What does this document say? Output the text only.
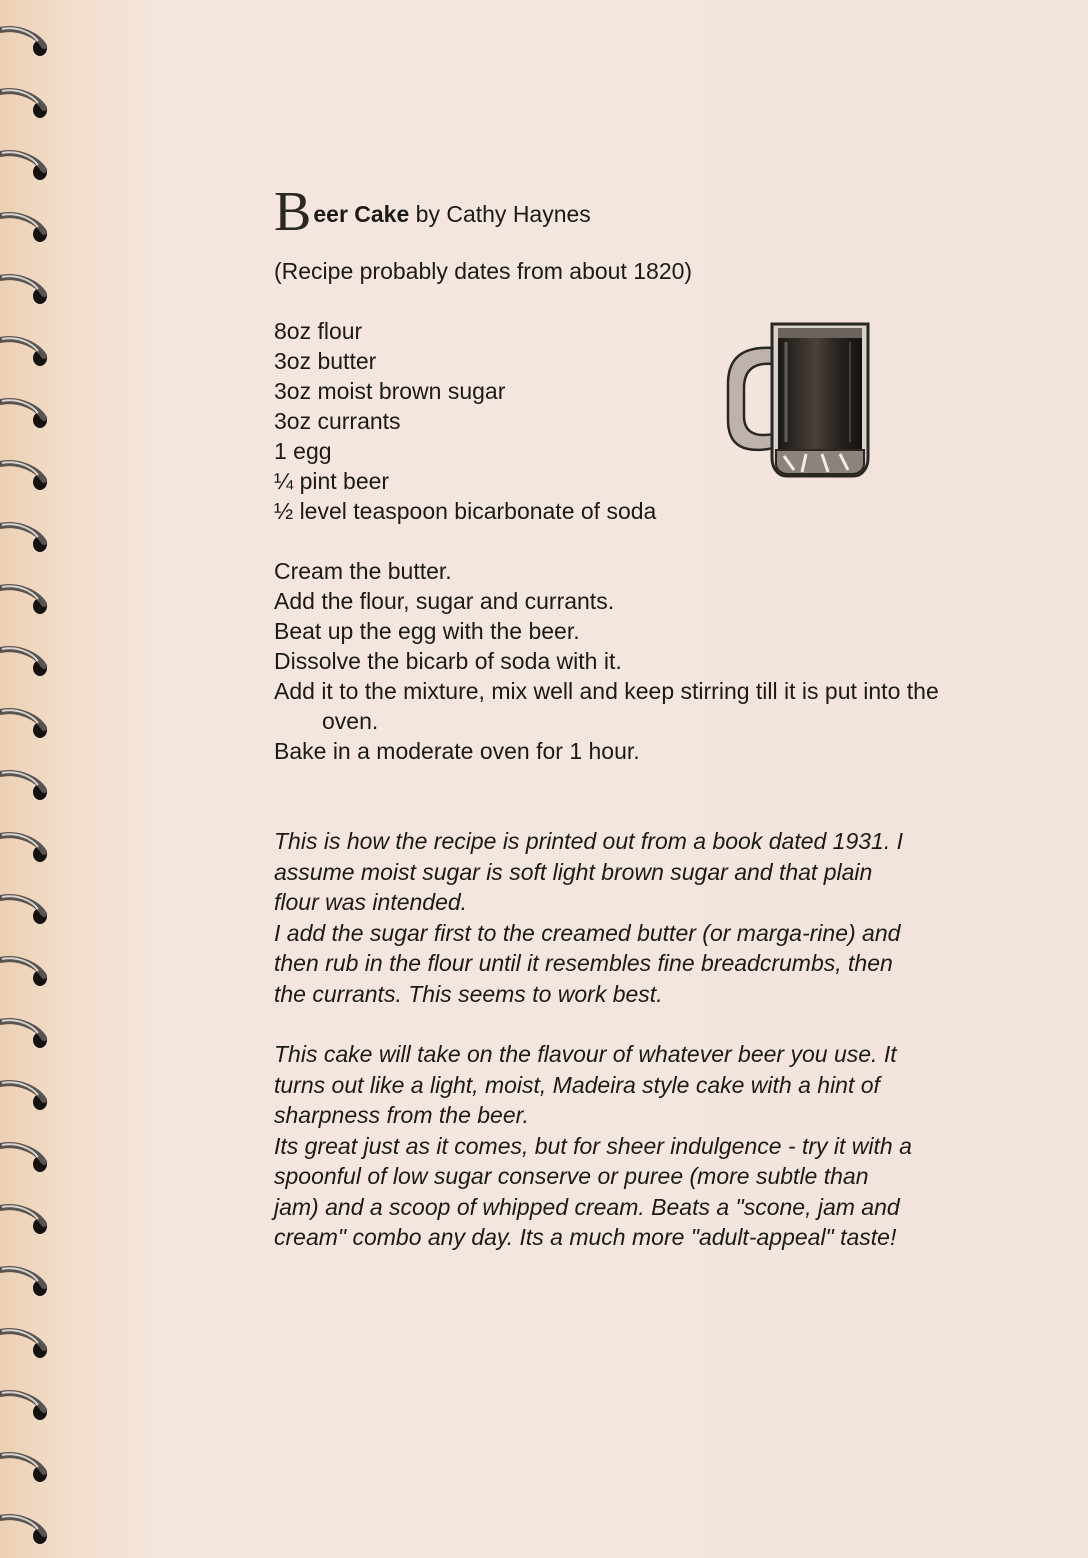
Beer Cake by Cathy Haynes
(Recipe probably dates from about 1820)
8oz flour
3oz butter
3oz moist brown sugar
3oz currants
1 egg
¼ pint beer
½ level teaspoon bicarbonate of soda
Cream the butter.
Add the flour, sugar and currants.
Beat up the egg with the beer.
Dissolve the bicarb of soda with it.
Add it to the mixture, mix well and keep stirring till it is put into the oven.
Bake in a moderate oven for 1 hour.

This is how the recipe is printed out from a book dated 1931. I assume moist sugar is soft light brown sugar and that plain flour was intended.

I add the sugar first to the creamed butter (or marga-rine) and then rub in the flour until it resembles fine breadcrumbs, then the currants. This seems to work best.

This cake will take on the flavour of whatever beer you use. It turns out like a light, moist, Madeira style cake with a hint of sharpness from the beer.

Its great just as it comes, but for sheer indulgence - try it with a spoonful of low sugar conserve or puree (more subtle than jam) and a scoop of whipped cream. Beats a "scone, jam and cream" combo any day. Its a much more "adult-appeal" taste!
